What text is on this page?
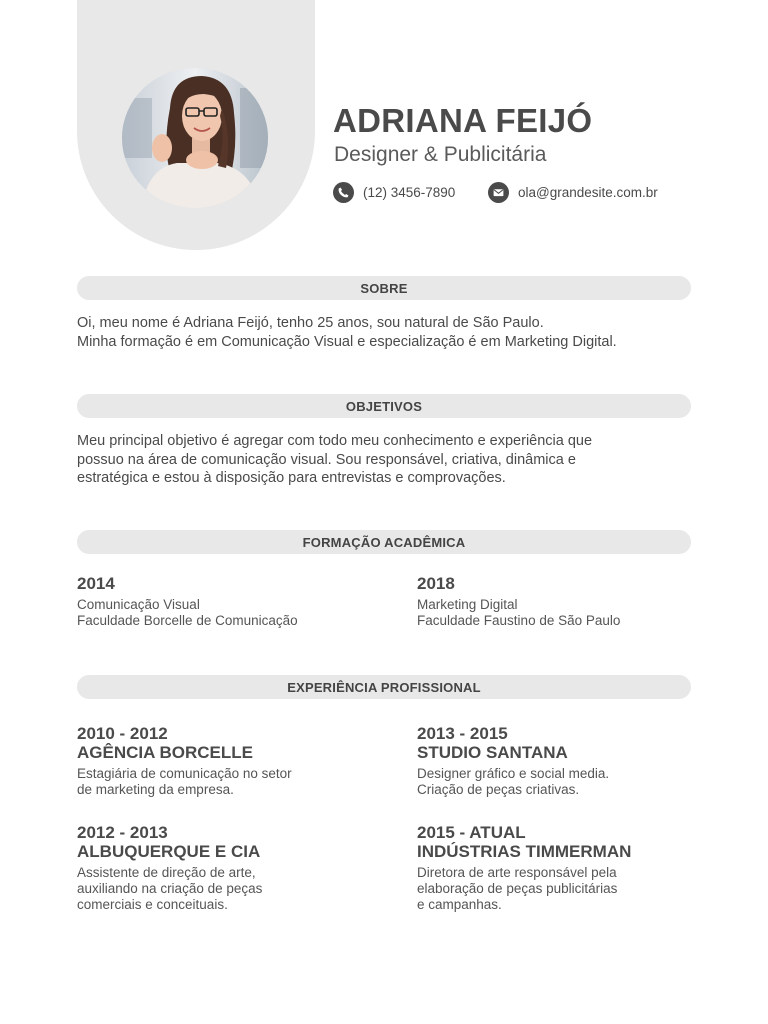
ADRIANA FEIJÓ
Designer & Publicitária
(12) 3456-7890	ola@grandesite.com.br
SOBRE
Oi, meu nome é Adriana Feijó, tenho 25 anos, sou natural de São Paulo.
Minha formação é em Comunicação Visual e especialização é em Marketing Digital.
OBJETIVOS
Meu principal objetivo é agregar com todo meu conhecimento e experiência que
possuo na área de comunicação visual. Sou responsável, criativa, dinâmica e
estratégica e estou à disposição para entrevistas e comprovações.
FORMAÇÃO ACADÊMICA
2014
Comunicação Visual
Faculdade Borcelle de Comunicação
2018
Marketing Digital
Faculdade Faustino de São Paulo
EXPERIÊNCIA PROFISSIONAL
2010 - 2012
AGÊNCIA BORCELLE
Estagiária de comunicação no setor
de marketing da empresa.
2013 - 2015
STUDIO SANTANA
Designer gráfico e social media.
Criação de peças criativas.
2012 - 2013
ALBUQUERQUE E CIA
Assistente de direção de arte,
auxiliando na criação de peças
comerciais e conceituais.
2015 - ATUAL
INDÚSTRIAS TIMMERMAN
Diretora de arte responsável pela
elaboração de peças publicitárias
e campanhas.
